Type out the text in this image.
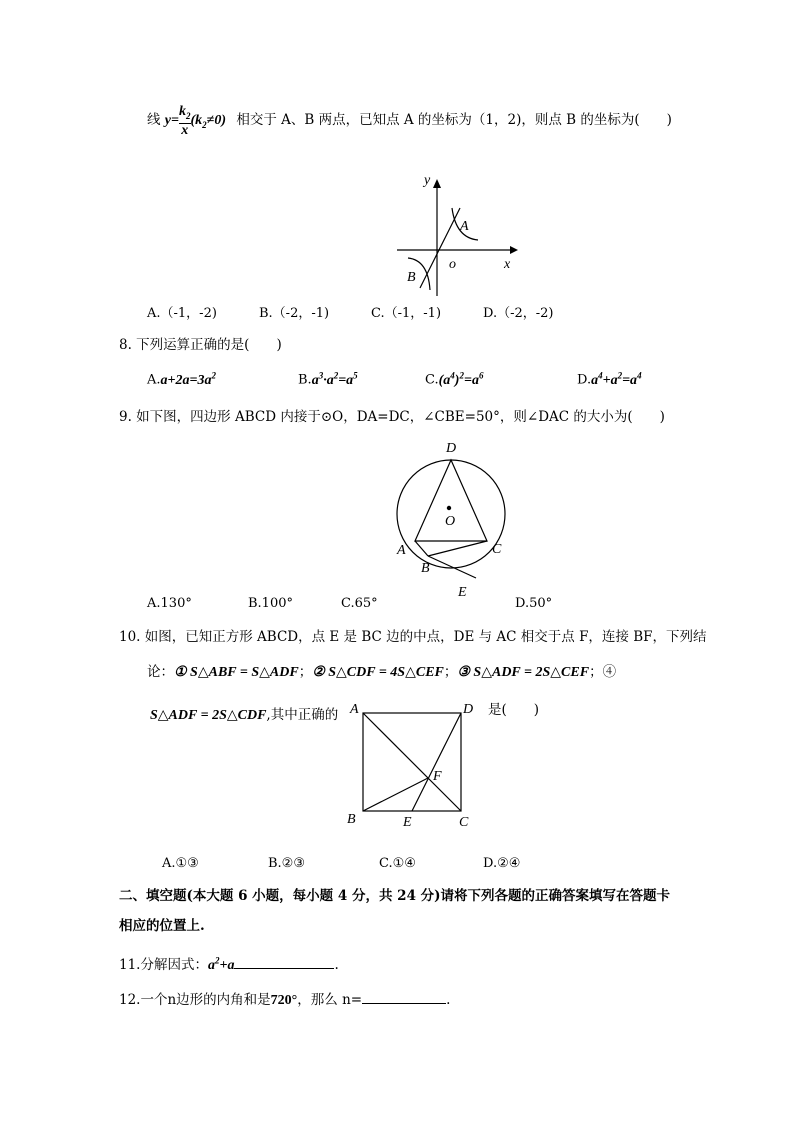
线 $y= \frac{k_2}{x} (k_2\ne 0)$ 相交于 A、B 两点，已知点 A 的坐标为（1，2)，则点 B 的坐标为(　　)
y
x
o
A
B
A.（-1，-2)	B.（-2，-1)	C.（-1，-1)	D.（-2，-2)
8. 下列运算正确的是(　　)
$A.a+2a=3a^2$	$B.a^3\cdot a^2=a^5$	$C.(a^4)^2=a^6$	$D.a^4+a^2=a^4$
9. 如下图，四边形 ABCD 内接于⊙O，DA=DC，∠CBE=50°，则∠DAC 的大小为(　　)
D
O
A	C
B
E
A.130°	B.100°	C.65°	D.50°
10. 如图，已知正方形 ABCD，点 E 是 BC 边的中点，DE 与 AC 相交于点 F，连接 BF，下列结
论：① S△ABF = S△ADF；② S△CDF = 4S△CEF；③ S△ADF = 2S△CEF；④
S△ADF = 2S△CDF,其中正确的	是(　　)
A	D
F
B	E	C
A.①③	B.②③	C.①④	D.②④
二、填空题(本大题 6 小题，每小题 4 分，共 24 分)请将下列各题的正确答案填写在答题卡
相应的位置上.
11.分解因式：$a^2+a$	.
12.一个n边形的内角和是720°，那么 n=	.
